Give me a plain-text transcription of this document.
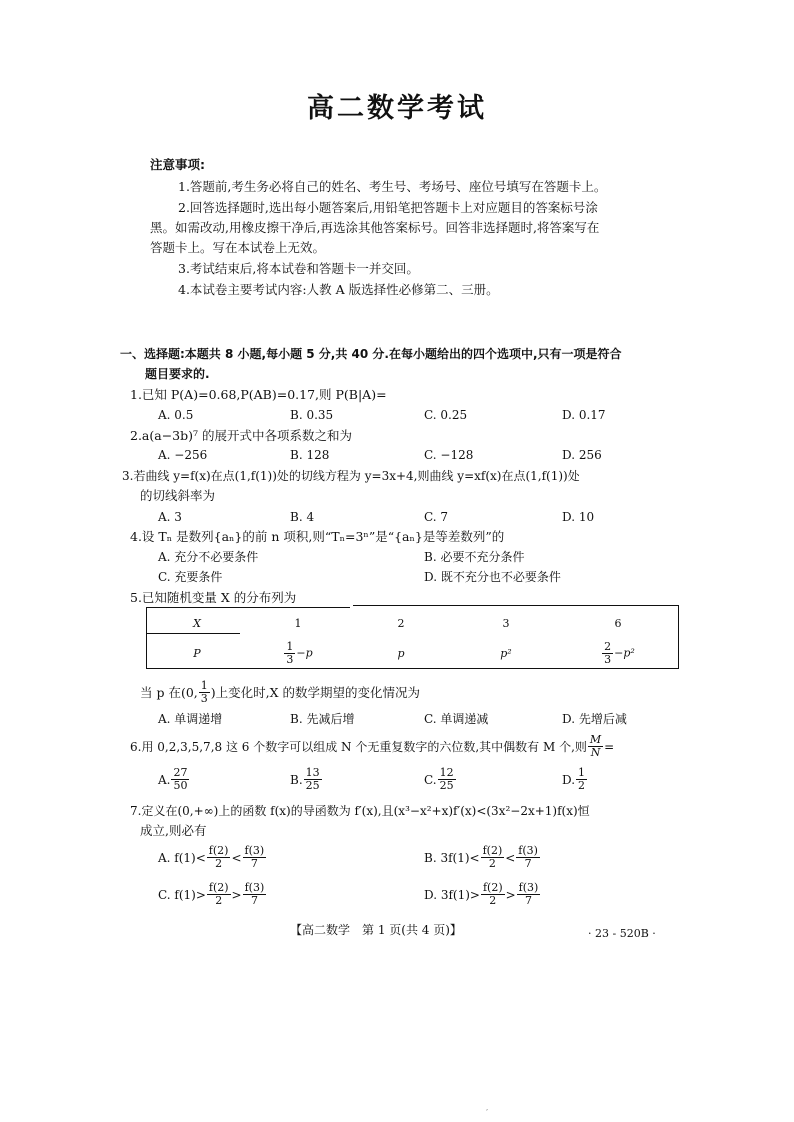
高二数学考试
注意事项:
1.答题前,考生务必将自己的姓名、考生号、考场号、座位号填写在答题卡上。
2.回答选择题时,选出每小题答案后,用铅笔把答题卡上对应题目的答案标号涂
黑。如需改动,用橡皮擦干净后,再选涂其他答案标号。回答非选择题时,将答案写在
答题卡上。写在本试卷上无效。
3.考试结束后,将本试卷和答题卡一并交回。
4.本试卷主要考试内容:人教 A 版选择性必修第二、三册。
一、选择题:本题共 8 小题,每小题 5 分,共 40 分.在每小题给出的四个选项中,只有一项是符合
题目要求的.
1.已知 P(A)=0.68,P(AB)=0.17,则 P(B|A)=
A. 0.5	B. 0.35	C. 0.25	D. 0.17
2.a(a−3b)⁷ 的展开式中各项系数之和为
A. −256	B. 128	C. −128	D. 256
3.若曲线 y=f(x)在点(1,f(1))处的切线方程为 y=3x+4,则曲线 y=xf(x)在点(1,f(1))处
的切线斜率为
A. 3	B. 4	C. 7	D. 10
4.设 Tₙ 是数列{aₙ}的前 n 项积,则“Tₙ=3ⁿ”是“{aₙ}是等差数列”的
A. 充分不必要条件	B. 必要不充分条件
C. 充要条件	D. 既不充分也不必要条件
5.已知随机变量 X 的分布列为
X	1	2	3	6
P	$\frac{1}{3} -p$	p	p²	$\frac{2}{3} -p^2$
当 p 在(0, $\frac{1}{3}$ )上变化时,X 的数学期望的变化情况为
A. 单调递增	B. 先减后增	C. 单调递减	D. 先增后减
6.用 0,2,3,5,7,8 这 6 个数字可以组成 N 个无重复数字的六位数,其中偶数有 M 个,则 $\frac{M}{N}$ =
A. $\frac{27}{50}$	B. $\frac{13}{25}$	C. $\frac{12}{25}$	D. $\frac{1}{2}$
7.定义在(0,+∞)上的函数 f(x)的导函数为 f′(x),且(x³−x²+x)f′(x)<(3x²−2x+1)f(x)恒
成立,则必有
A. $f(1)< \frac{f(2)}{2} < \frac{f(3)}{7}$	B. $3f(1)< \frac{f(2)}{2} < \frac{f(3)}{7}$
C. $f(1)> \frac{f(2)}{2} > \frac{f(3)}{7}$	D. $3f(1)> \frac{f(2)}{2} > \frac{f(3)}{7}$
【高二数学　第 1 页(共 4 页)】	· 23 - 520B ·
’
